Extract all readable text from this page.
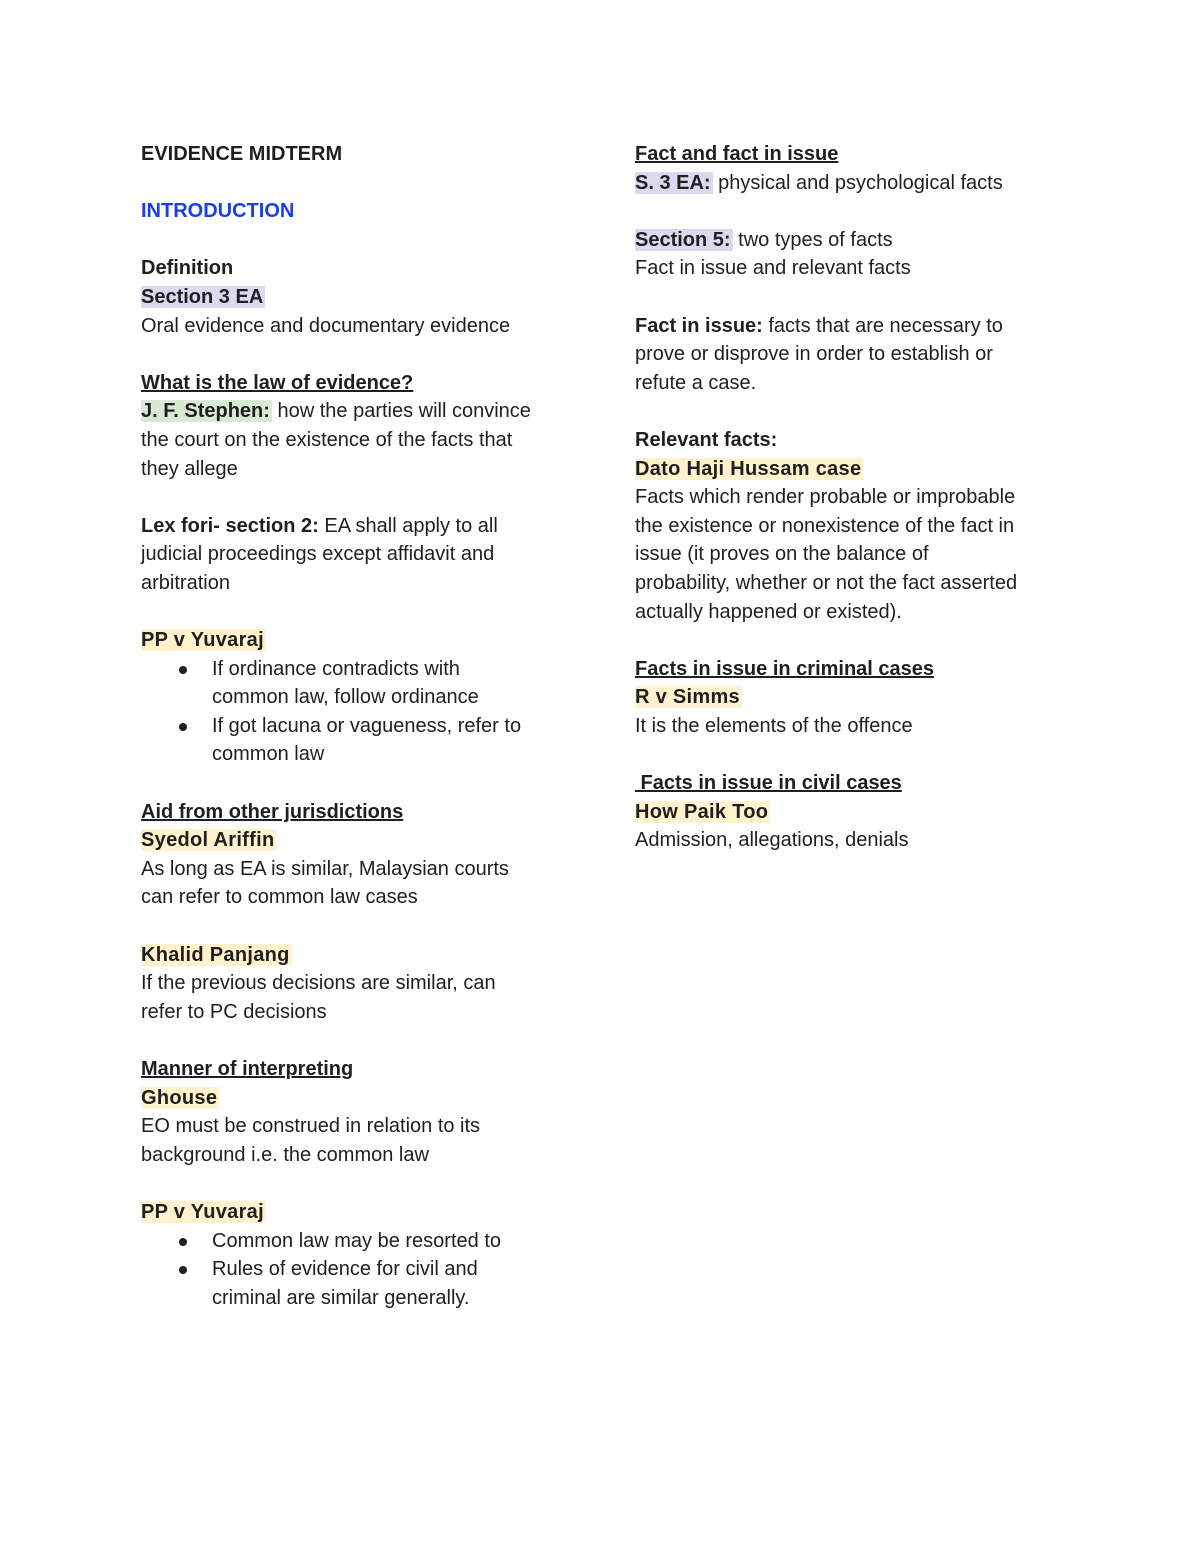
EVIDENCE MIDTERM
INTRODUCTION
Definition
Section 3 EA
Oral evidence and documentary evidence
What is the law of evidence?
J. F. Stephen: how the parties will convince
the court on the existence of the facts that
they allege
Lex fori- section 2: EA shall apply to all
judicial proceedings except affidavit and
arbitration
PP v Yuvaraj
If ordinance contradicts with
common law, follow ordinance
If got lacuna or vagueness, refer to
common law
Aid from other jurisdictions
Syedol Ariffin
As long as EA is similar, Malaysian courts
can refer to common law cases
Khalid Panjang
If the previous decisions are similar, can
refer to PC decisions
Manner of interpreting
Ghouse
EO must be construed in relation to its
background i.e. the common law
PP v Yuvaraj
Common law may be resorted to
Rules of evidence for civil and
criminal are similar generally.
Fact and fact in issue
S. 3 EA: physical and psychological facts
Section 5: two types of facts
Fact in issue and relevant facts
Fact in issue: facts that are necessary to
prove or disprove in order to establish or
refute a case.
Relevant facts:
Dato Haji Hussam case
Facts which render probable or improbable
the existence or nonexistence of the fact in
issue (it proves on the balance of
probability, whether or not the fact asserted
actually happened or existed).
Facts in issue in criminal cases
R v Simms
It is the elements of the offence
Facts in issue in civil cases
How Paik Too
Admission, allegations, denials
